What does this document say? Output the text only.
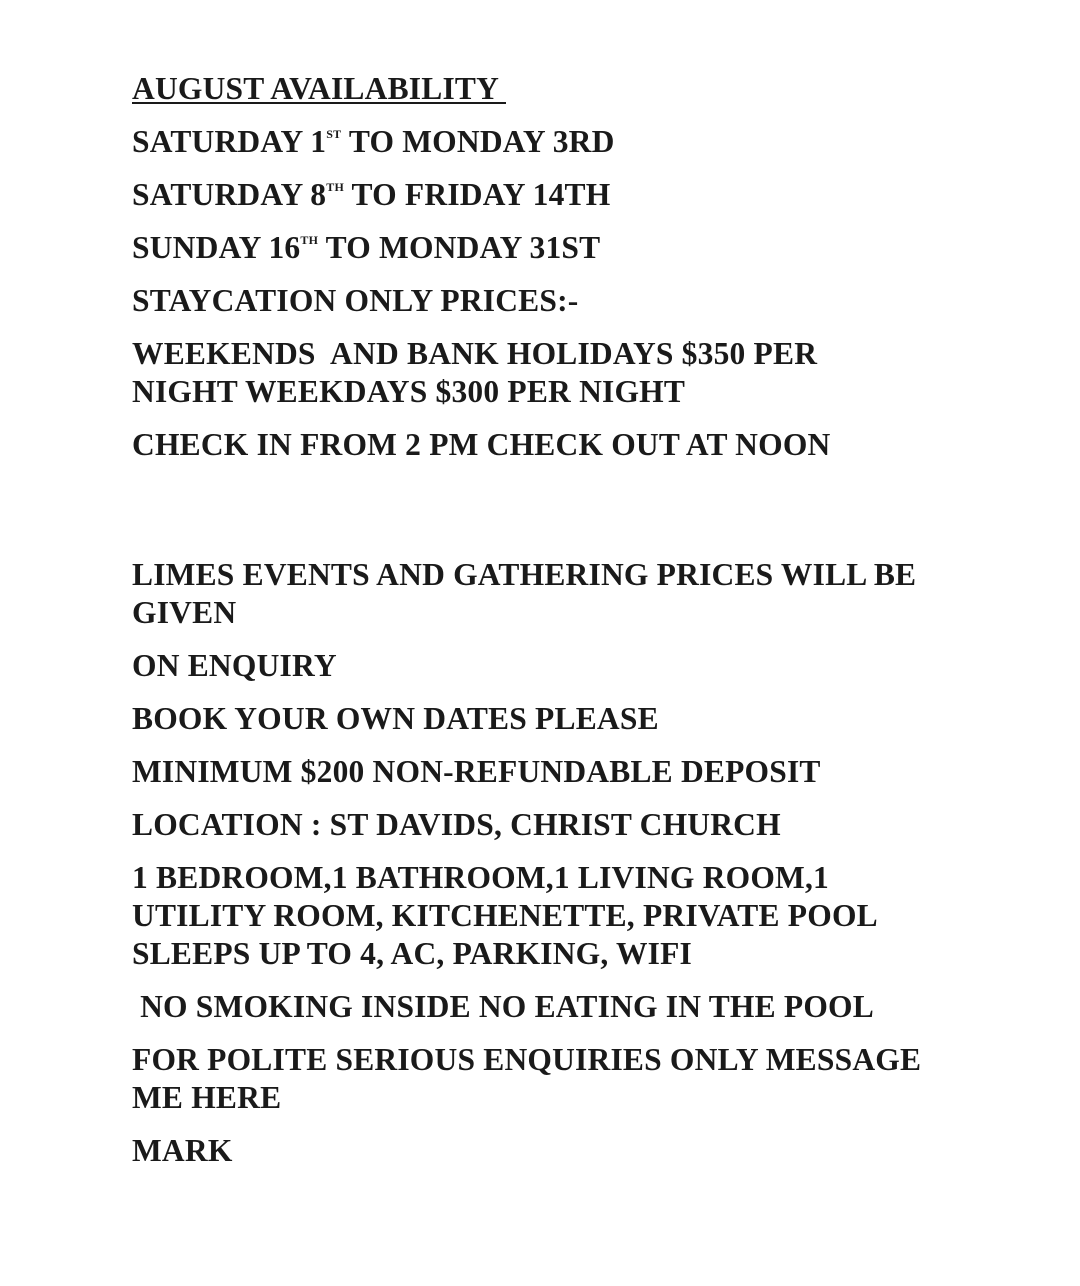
AUGUST AVAILABILITY

SATURDAY 1ST TO MONDAY 3RD

SATURDAY 8TH TO FRIDAY 14TH

SUNDAY 16TH TO MONDAY 31ST

STAYCATION ONLY PRICES:-

WEEKENDS  AND BANK HOLIDAYS $350 PER
NIGHT WEEKDAYS $300 PER NIGHT

CHECK IN FROM 2 PM CHECK OUT AT NOON

LIMES EVENTS AND GATHERING PRICES WILL BE
GIVEN

ON ENQUIRY

BOOK YOUR OWN DATES PLEASE

MINIMUM $200 NON-REFUNDABLE DEPOSIT

LOCATION : ST DAVIDS, CHRIST CHURCH

1 BEDROOM,1 BATHROOM,1 LIVING ROOM,1
UTILITY ROOM, KITCHENETTE, PRIVATE POOL
SLEEPS UP TO 4, AC, PARKING, WIFI

NO SMOKING INSIDE NO EATING IN THE POOL

FOR POLITE SERIOUS ENQUIRIES ONLY MESSAGE
ME HERE

MARK
